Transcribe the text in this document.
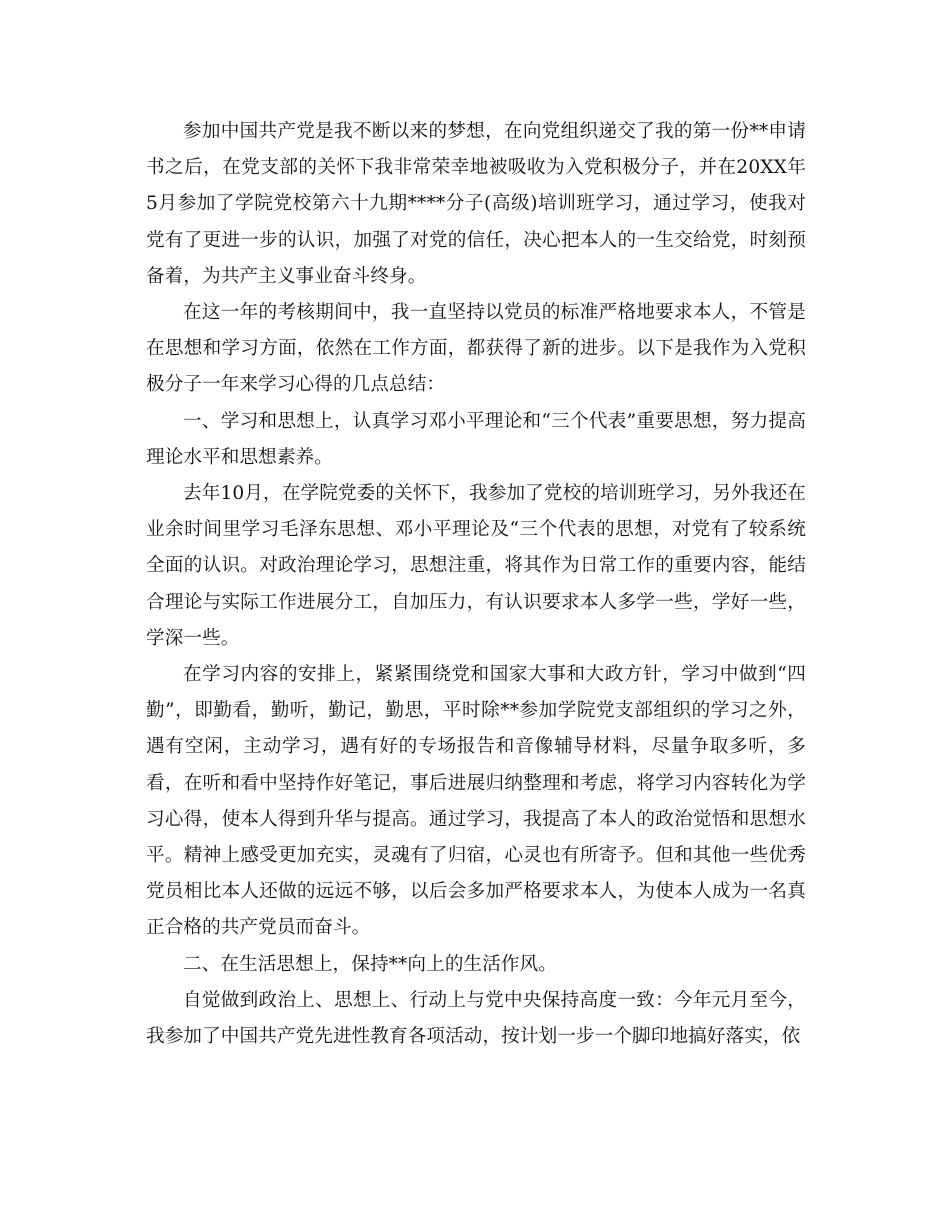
参加中国共产党是我不断以来的梦想，在向党组织递交了我的第一份**申请书之后，在党支部的关怀下我非常荣幸地被吸收为入党积极分子，并在20XX年5月参加了学院党校第六十九期****分子(高级)培训班学习，通过学习，使我对党有了更进一步的认识，加强了对党的信任，决心把本人的一生交给党，时刻预备着，为共产主义事业奋斗终身。

在这一年的考核期间中，我一直坚持以党员的标准严格地要求本人，不管是在思想和学习方面，依然在工作方面，都获得了新的进步。以下是我作为入党积极分子一年来学习心得的几点总结：

一、学习和思想上，认真学习邓小平理论和“三个代表”重要思想，努力提高理论水平和思想素养。

去年10月，在学院党委的关怀下，我参加了党校的培训班学习，另外我还在业余时间里学习毛泽东思想、邓小平理论及“三个代表的思想，对党有了较系统全面的认识。对政治理论学习，思想注重，将其作为日常工作的重要内容，能结合理论与实际工作进展分工，自加压力，有认识要求本人多学一些，学好一些，学深一些。

在学习内容的安排上，紧紧围绕党和国家大事和大政方针，学习中做到“四勤”，即勤看，勤听，勤记，勤思，平时除**参加学院党支部组织的学习之外，遇有空闲，主动学习，遇有好的专场报告和音像辅导材料，尽量争取多听，多看，在听和看中坚持作好笔记，事后进展归纳整理和考虑，将学习内容转化为学习心得，使本人得到升华与提高。通过学习，我提高了本人的政治觉悟和思想水平。精神上感受更加充实，灵魂有了归宿，心灵也有所寄予。但和其他一些优秀党员相比本人还做的远远不够，以后会多加严格要求本人，为使本人成为一名真正合格的共产党员而奋斗。

二、在生活思想上，保持**向上的生活作风。

自觉做到政治上、思想上、行动上与党中央保持高度一致：今年元月至今，我参加了中国共产党先进性教育各项活动，按计划一步一个脚印地搞好落实，依
